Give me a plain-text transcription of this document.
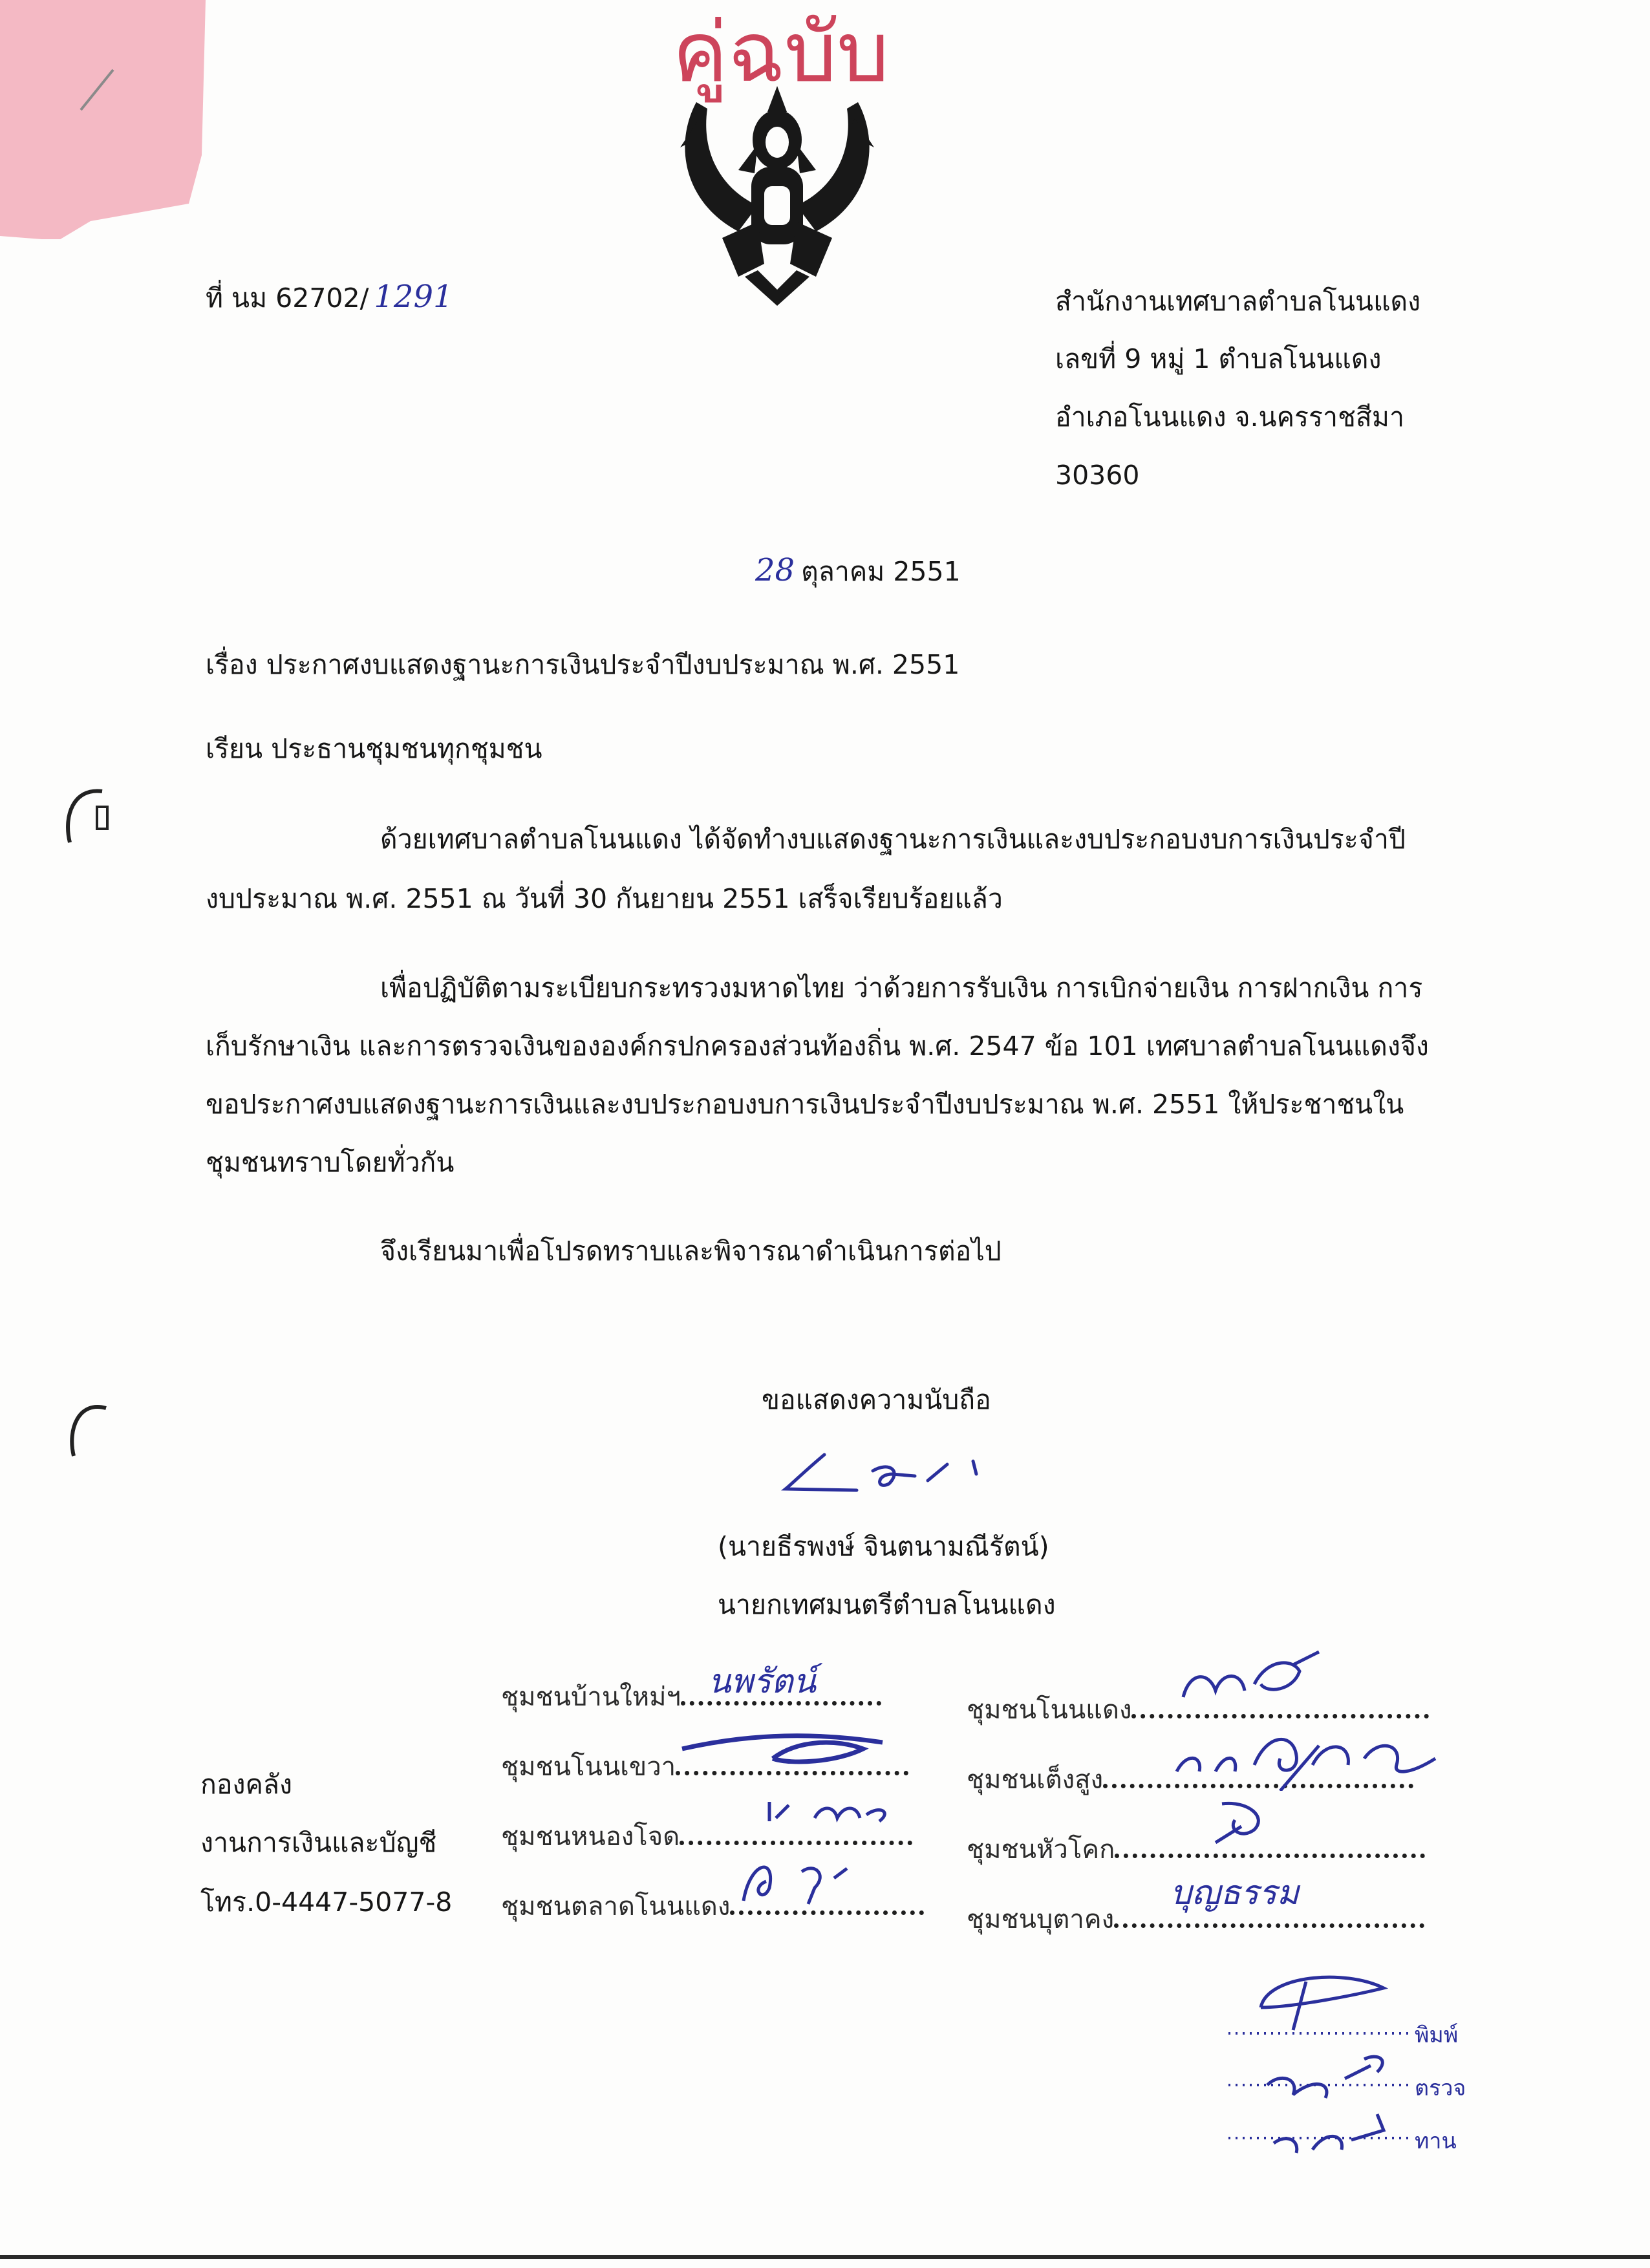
คู่ฉบับ
ที่ นม 62702/ 1291	สำนักงานเทศบาลตำบลโนนแดง
เลขที่ 9 หมู่ 1 ตำบลโนนแดง
อำเภอโนนแดง จ.นครราชสีมา
30360
28 ตุลาคม 2551
เรื่อง ประกาศงบแสดงฐานะการเงินประจำปีงบประมาณ พ.ศ. 2551
เรียน ประธานชุมชนทุกชุมชน
ด้วยเทศบาลตำบลโนนแดง ได้จัดทำงบแสดงฐานะการเงินและงบประกอบงบการเงินประจำปี
งบประมาณ พ.ศ. 2551 ณ วันที่ 30 กันยายน 2551 เสร็จเรียบร้อยแล้ว
เพื่อปฏิบัติตามระเบียบกระทรวงมหาดไทย ว่าด้วยการรับเงิน การเบิกจ่ายเงิน การฝากเงิน การ
เก็บรักษาเงิน และการตรวจเงินขององค์กรปกครองส่วนท้องถิ่น พ.ศ. 2547 ข้อ 101 เทศบาลตำบลโนนแดงจึง
ขอประกาศงบแสดงฐานะการเงินและงบประกอบงบการเงินประจำปีงบประมาณ พ.ศ. 2551 ให้ประชาชนใน
ชุมชนทราบโดยทั่วกัน
จึงเรียนมาเพื่อโปรดทราบและพิจารณาดำเนินการต่อไป
ขอแสดงความนับถือ
(นายธีรพงษ์ จินตนามณีรัตน์)
นายกเทศมนตรีตำบลโนนแดง
กองคลัง
งานการเงินและบัญชี
โทร.0-4447-5077-8
ชุมชนบ้านใหม่ฯ นพรัตน์
ชุมชนโนนเขวา
ชุมชนหนองโจด
ชุมชนตลาดโนนแดง
ชุมชนโนนแดง
ชุมชนเต็งสูง
ชุมชนหัวโคก
ชุมชนบุตาคง
บุญธรรม
พิมพ์
ตรวจ
ทาน
